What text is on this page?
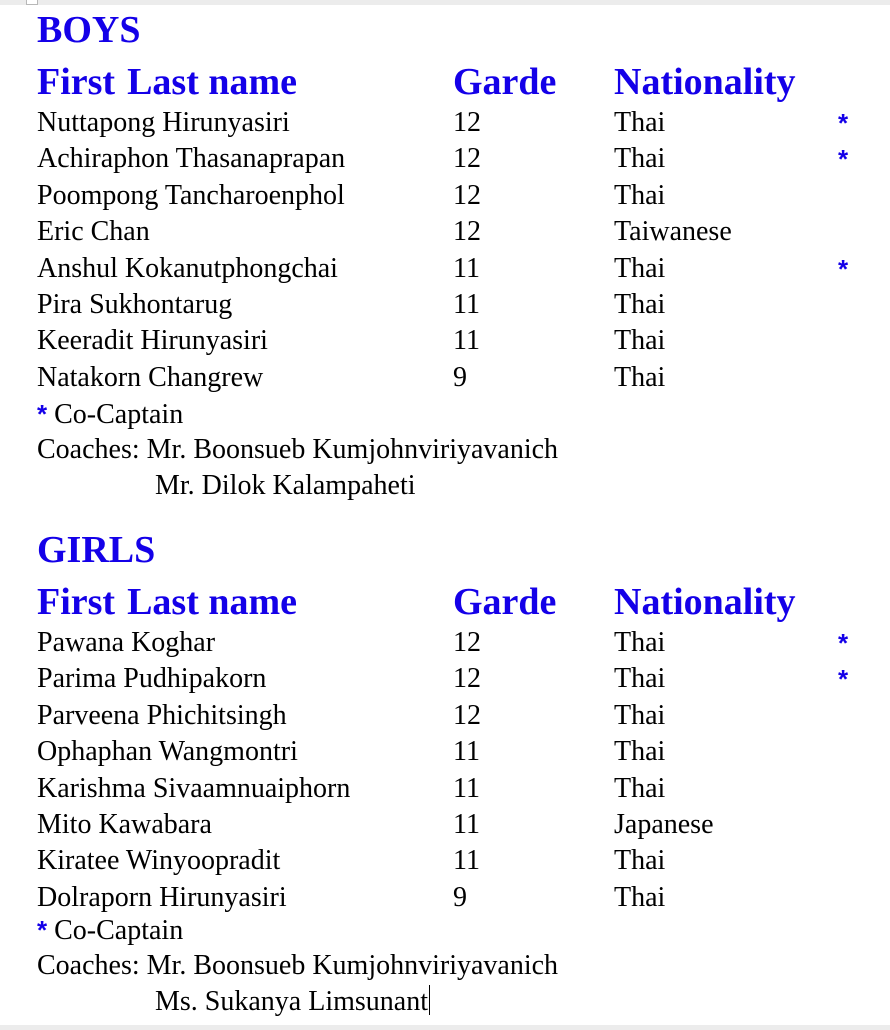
BOYS
First Last name	Garde Nationality
Nuttapong Hirunyasiri	12	Thai	*
Achiraphon Thasanaprapan	12	Thai	*
Poompong Tancharoenphol	12	Thai
Eric Chan	12	Taiwanese
Anshul Kokanutphongchai	11	Thai	*
Pira Sukhontarug	11	Thai
Keeradit Hirunyasiri	11	Thai
Natakorn Changrew	9	Thai
* Co-Captain
Coaches: Mr. Boonsueb Kumjohnviriyavanich
Mr. Dilok Kalampaheti
GIRLS
First Last name	Garde Nationality
Pawana Koghar	12	Thai	*
Parima Pudhipakorn	12	Thai	*
Parveena Phichitsingh	12	Thai
Ophaphan Wangmontri	11	Thai
Karishma Sivaamnuaiphorn	11	Thai
Mito Kawabara	11	Japanese
Kiratee Winyoopradit	11	Thai
Dolraporn Hirunyasiri	9	Thai
* Co-Captain
Coaches: Mr. Boonsueb Kumjohnviriyavanich
Ms. Sukanya Limsunant
